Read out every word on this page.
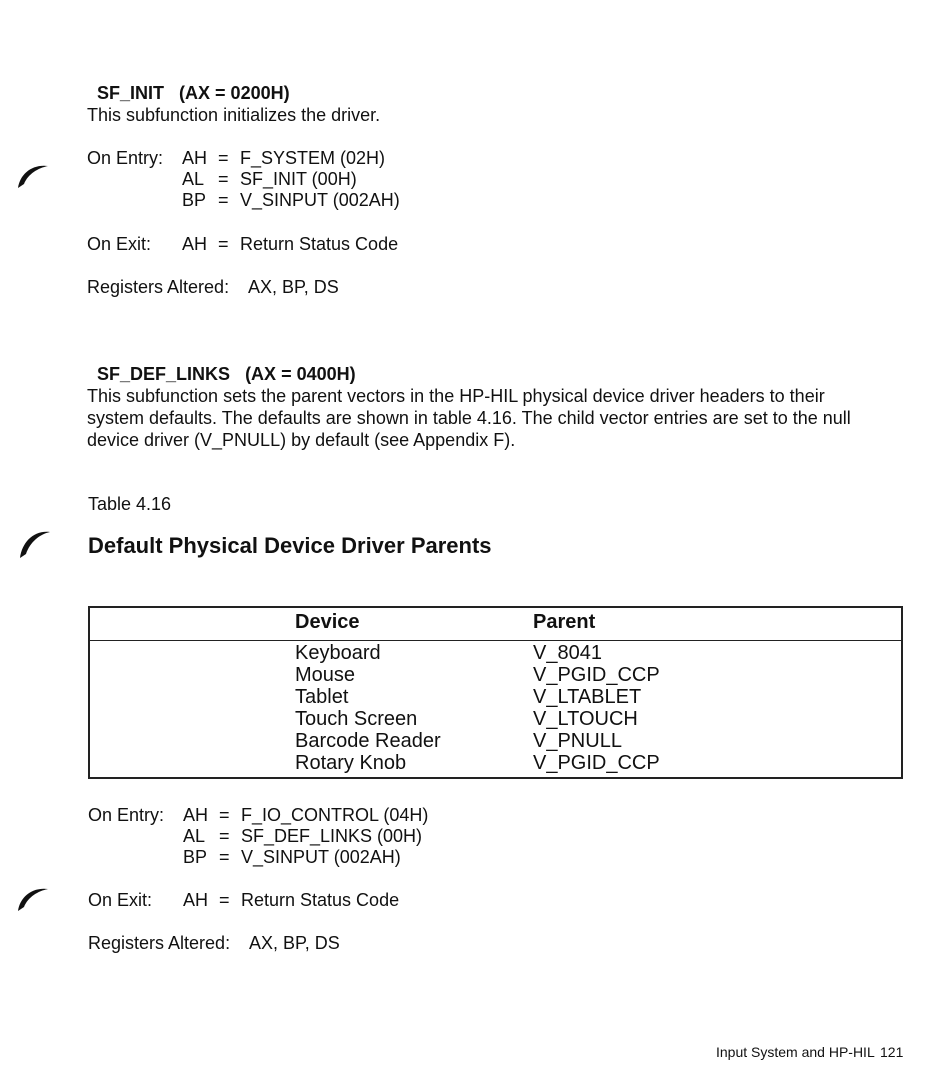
SF_INIT (AX = 0200H)

This subfunction initializes the driver.
On Entry: AH = F_SYSTEM (02H)
AL = SF_INIT (00H)
BP = V_SINPUT (002AH)
On Exit: AH = Return Status Code
Registers Altered: AX, BP, DS

SF_DEF_LINKS (AX = 0400H)

This subfunction sets the parent vectors in the HP-HIL physical device driver headers to their
system defaults. The defaults are shown in table 4.16. The child vector entries are set to the null
device driver (V_PNULL) by default (see Appendix F).
Table 4.16
Default Physical Device Driver Parents
Device	Parent
Keyboard	V_8041
Mouse	V_PGID_CCP
Tablet	V_LTABLET
Touch Screen	V_LTOUCH
Barcode Reader	V_PNULL
Rotary Knob	V_PGID_CCP
On Entry: AH = F_IO_CONTROL (04H)
AL = SF_DEF_LINKS (00H)
BP = V_SINPUT (002AH)
On Exit: AH = Return Status Code
Registers Altered: AX, BP, DS
Input System and HP-HIL 121
